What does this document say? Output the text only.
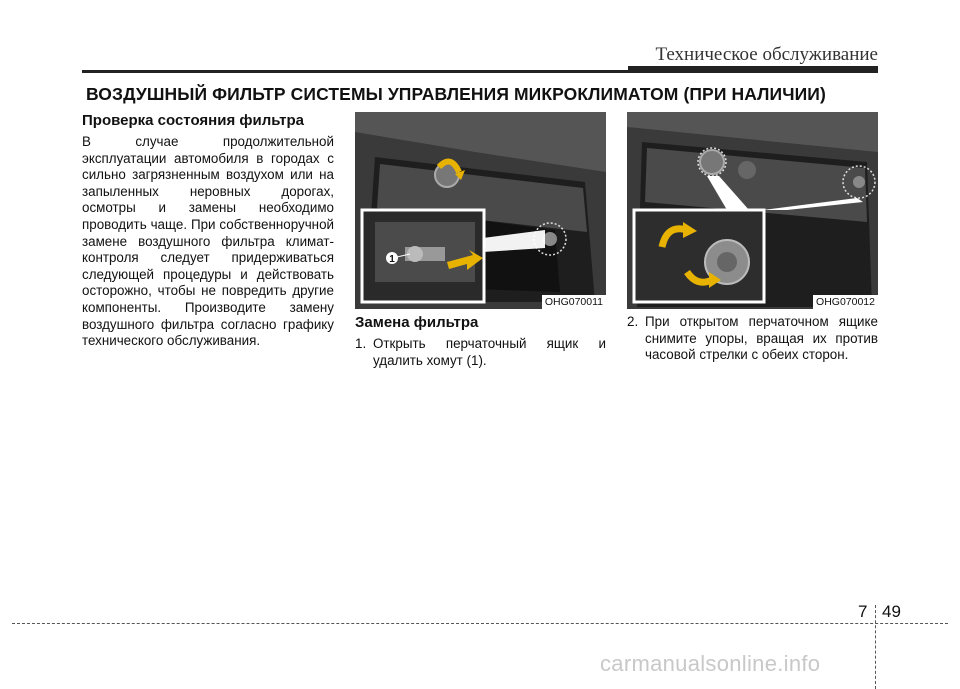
Техническое обслуживание
ВОЗДУШНЫЙ ФИЛЬТР СИСТЕМЫ УПРАВЛЕНИЯ МИКРОКЛИМАТОМ (ПРИ НАЛИЧИИ)
Проверка состояния фильтра
В случае продолжительной эксплуатации автомобиля в городах с сильно загрязненным воздухом или на запыленных неровных дорогах, осмотры и замены необходимо проводить чаще. При собственноручной замене воздушного фильтра климат-контроля следует придерживаться следующей процедуры и действовать осторожно, чтобы не повредить другие компоненты. Производите замену воздушного фильтра согласно графику технического обслуживания.
1
OHG070011	OHG070012
Замена фильтра
1. Открыть перчаточный ящик и удалить хомут (1).
2. При открытом перчаточном ящике снимите упоры, вращая их против часовой стрелки с обеих сторон.
7 49
carmanualsonline.info
